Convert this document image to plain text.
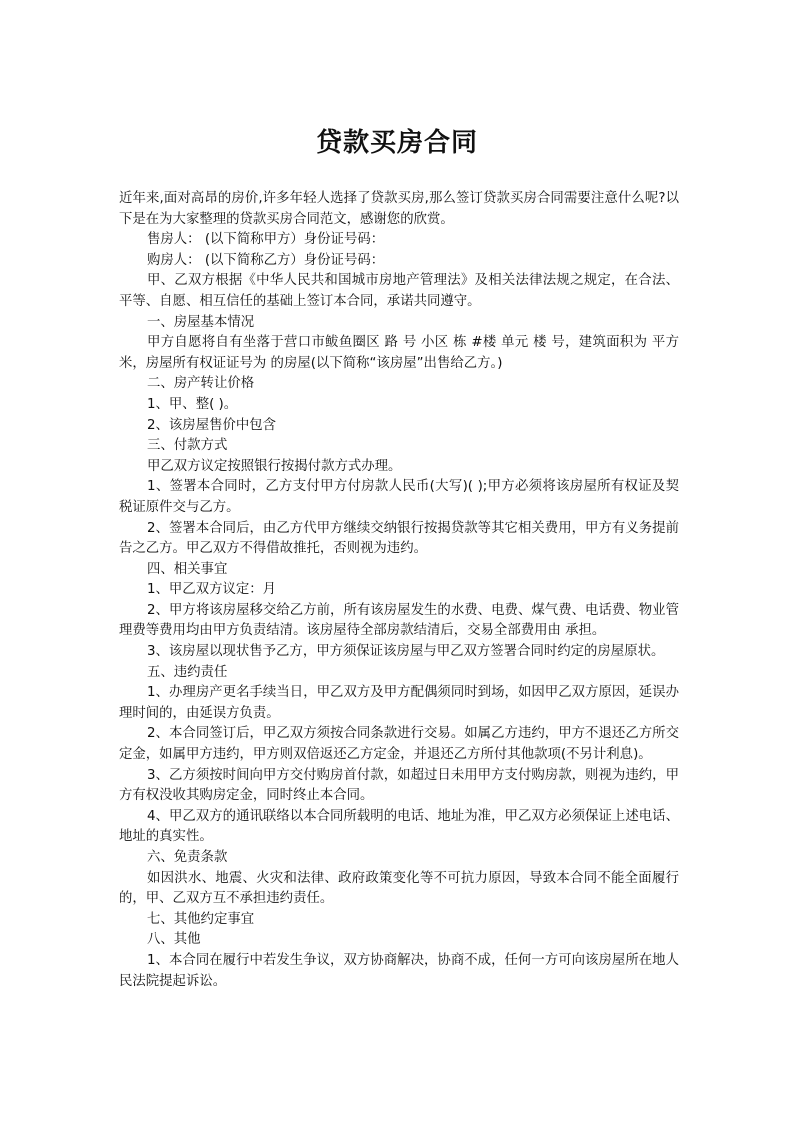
贷款买房合同

近年来,面对高昂的房价,许多年轻人选择了贷款买房,那么签订贷款买房合同需要注意什么呢?以下是在为大家整理的贷款买房合同范文，感谢您的欣赏。

售房人： (以下简称甲方）身份证号码：

购房人： (以下简称乙方）身份证号码：

甲、乙双方根据《中华人民共和国城市房地产管理法》及相关法律法规之规定，在合法、平等、自愿、相互信任的基础上签订本合同，承诺共同遵守。

一、房屋基本情况

甲方自愿将自有坐落于营口市鲅鱼圈区 路 号 小区 栋 #楼 单元 楼 号，建筑面积为 平方米，房屋所有权证证号为 的房屋(以下简称“该房屋”出售给乙方。)

二、房产转让价格

1、甲、整( )。

2、该房屋售价中包含

三、付款方式

甲乙双方议定按照银行按揭付款方式办理。

1、签署本合同时，乙方支付甲方付房款人民币(大写)( );甲方必须将该房屋所有权证及契税证原件交与乙方。

2、签署本合同后，由乙方代甲方继续交纳银行按揭贷款等其它相关费用，甲方有义务提前告之乙方。甲乙双方不得借故推托，否则视为违约。

四、相关事宜

1、甲乙双方议定：月

2、甲方将该房屋移交给乙方前，所有该房屋发生的水费、电费、煤气费、电话费、物业管理费等费用均由甲方负责结清。该房屋待全部房款结清后，交易全部费用由 承担。

3、该房屋以现状售予乙方，甲方须保证该房屋与甲乙双方签署合同时约定的房屋原状。

五、违约责任

1、办理房产更名手续当日，甲乙双方及甲方配偶须同时到场，如因甲乙双方原因，延误办理时间的，由延误方负责。

2、本合同签订后，甲乙双方须按合同条款进行交易。如属乙方违约，甲方不退还乙方所交定金，如属甲方违约，甲方则双倍返还乙方定金，并退还乙方所付其他款项(不另计利息)。

3、乙方须按时间向甲方交付购房首付款，如超过日未用甲方支付购房款，则视为违约，甲方有权没收其购房定金，同时终止本合同。

4、甲乙双方的通讯联络以本合同所载明的电话、地址为准，甲乙双方必须保证上述电话、地址的真实性。

六、免责条款

如因洪水、地震、火灾和法律、政府政策变化等不可抗力原因，导致本合同不能全面履行的，甲、乙双方互不承担违约责任。

七、其他约定事宜

八、其他

1、本合同在履行中若发生争议，双方协商解决，协商不成，任何一方可向该房屋所在地人民法院提起诉讼。
